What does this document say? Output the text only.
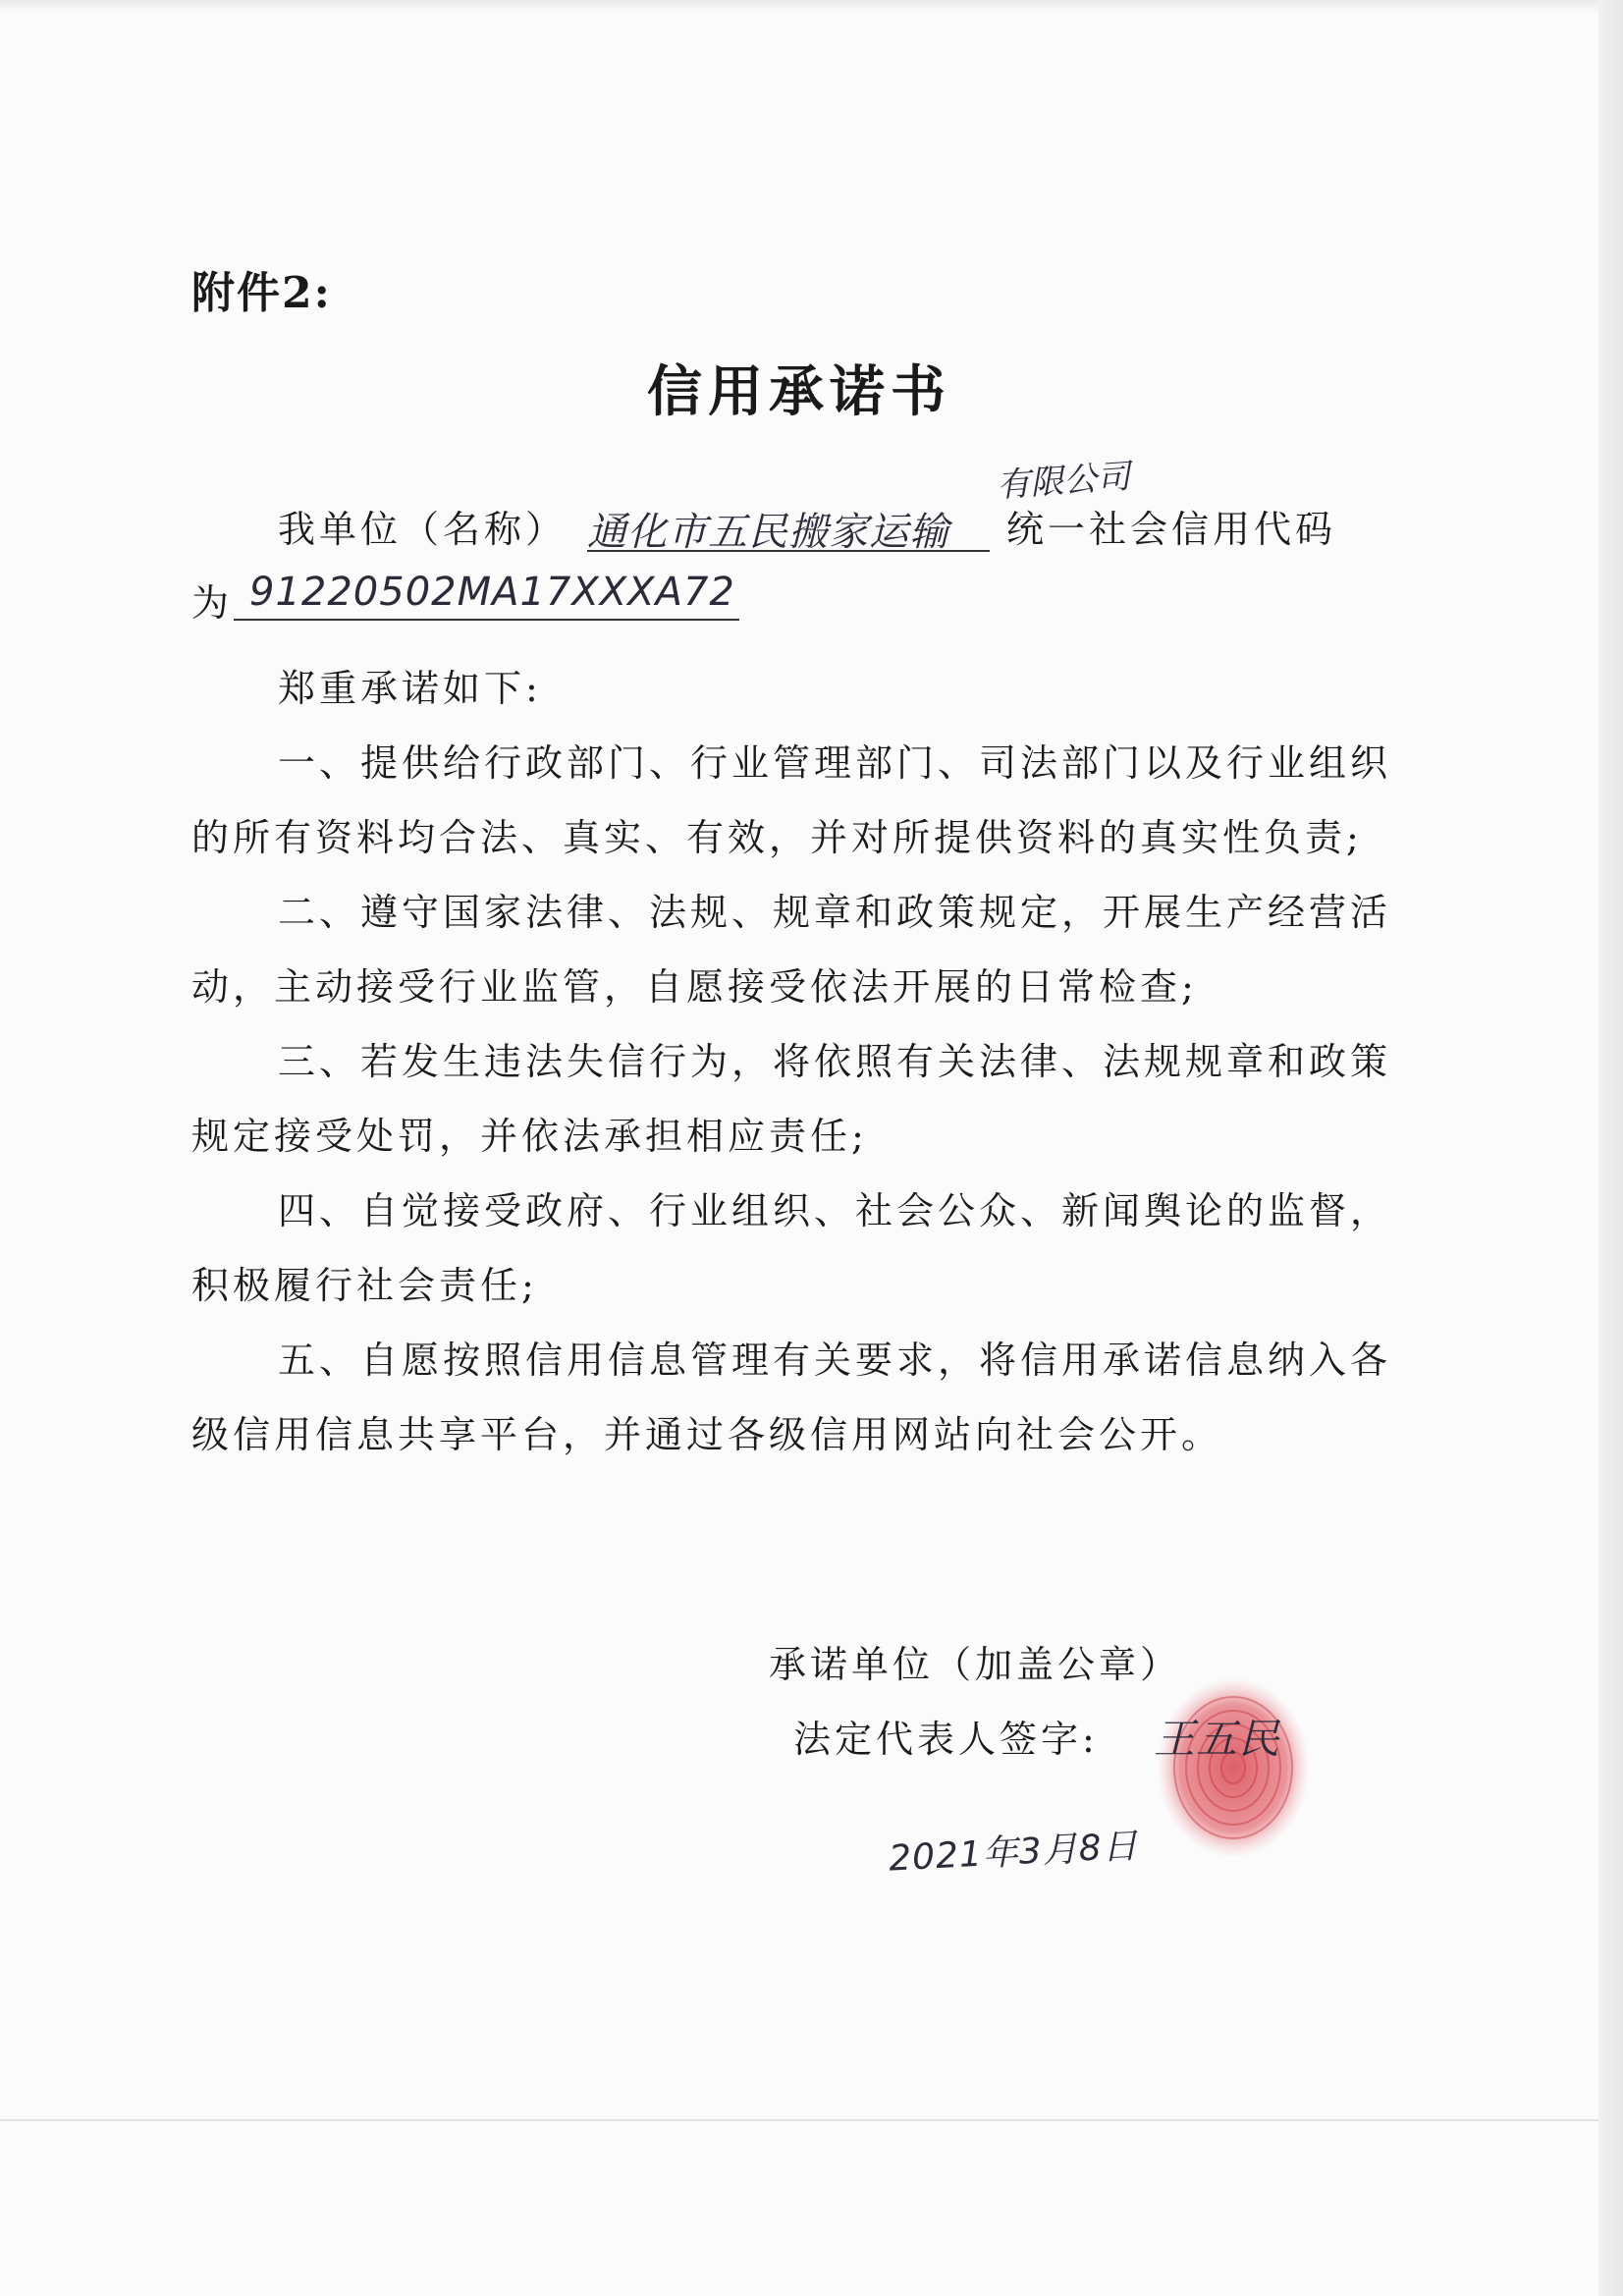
附件2:
信用承诺书
我单位（名称） 通化市五民搬家运输
有限公司
统一社会信用代码
为 91220502MA17XXXA72
郑重承诺如下:
一、提供给行政部门、行业管理部门、司法部门以及行业组织
的所有资料均合法、真实、有效，并对所提供资料的真实性负责;
二、遵守国家法律、法规、规章和政策规定，开展生产经营活
动，主动接受行业监管，自愿接受依法开展的日常检查;
三、若发生违法失信行为，将依照有关法律、法规规章和政策
规定接受处罚，并依法承担相应责任;
四、自觉接受政府、行业组织、社会公众、新闻舆论的监督，
积极履行社会责任;
五、自愿按照信用信息管理有关要求，将信用承诺信息纳入各
级信用信息共享平台，并通过各级信用网站向社会公开。
承诺单位（加盖公章）
法定代表人签字: 王五民
2021年3月8日
